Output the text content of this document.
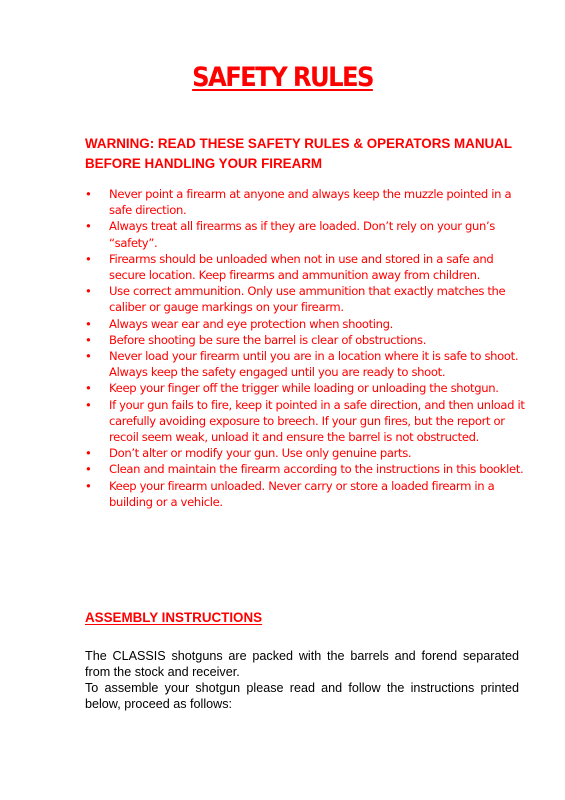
SAFETY RULES

WARNING: READ THESE SAFETY RULES & OPERATORS MANUAL BEFORE HANDLING YOUR FIREARM

•	Never point a firearm at anyone and always keep the muzzle pointed in a safe direction.
•	Always treat all firearms as if they are loaded. Don’t rely on your gun’s “safety”.
•	Firearms should be unloaded when not in use and stored in a safe and secure location. Keep firearms and ammunition away from children.
•	Use correct ammunition. Only use ammunition that exactly matches the caliber or gauge markings on your firearm.
•	Always wear ear and eye protection when shooting.
•	Before shooting be sure the barrel is clear of obstructions.
•	Never load your firearm until you are in a location where it is safe to shoot. Always keep the safety engaged until you are ready to shoot.
•	Keep your finger off the trigger while loading or unloading the shotgun.
•	If your gun fails to fire, keep it pointed in a safe direction, and then unload it carefully avoiding exposure to breech. If your gun fires, but the report or recoil seem weak, unload it and ensure the barrel is not obstructed.
•	Don’t alter or modify your gun. Use only genuine parts.
•	Clean and maintain the firearm according to the instructions in this booklet.
•	Keep your firearm unloaded. Never carry or store a loaded firearm in a building or a vehicle.
ASSEMBLY INSTRUCTIONS

The CLASSIS shotguns are packed with the barrels and forend separated from the stock and receiver.

To assemble your shotgun please read and follow the instructions printed below, proceed as follows:
